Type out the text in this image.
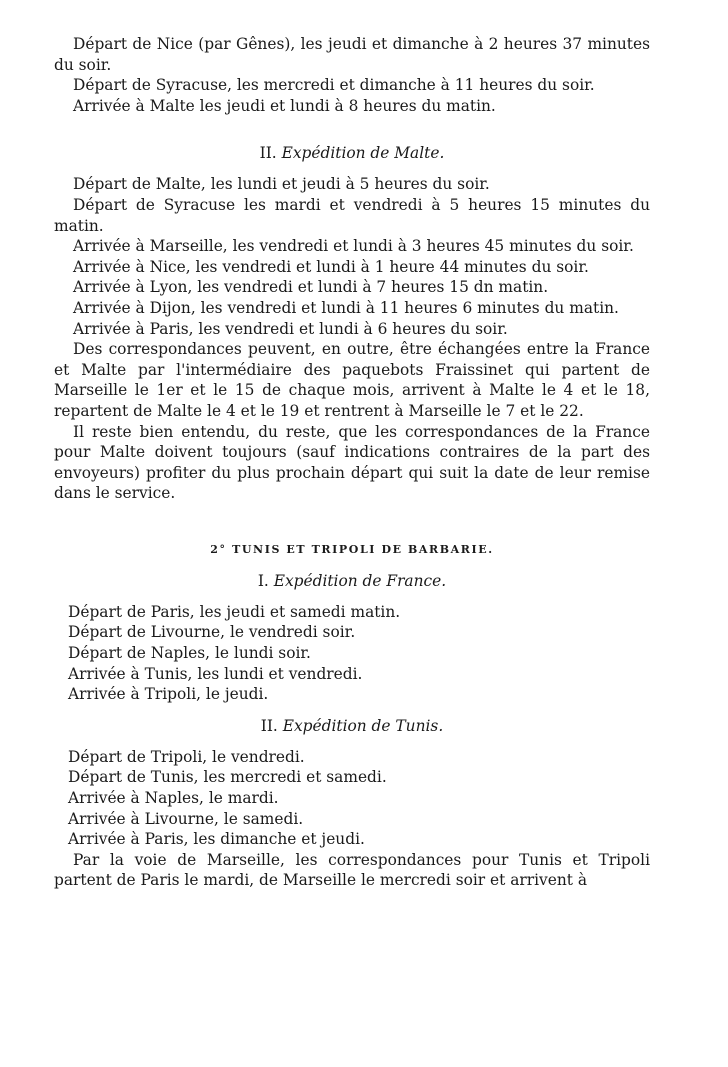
Départ de Nice (par Gênes), les jeudi et dimanche à 2 heures 37 minutes du soir.

Départ de Syracuse, les mercredi et dimanche à 11 heures du soir.

Arrivée à Malte les jeudi et lundi à 8 heures du matin.

II. Expédition de Malte.

Départ de Malte, les lundi et jeudi à 5 heures du soir.

Départ de Syracuse les mardi et vendredi à 5 heures 15 minutes du matin.

Arrivée à Marseille, les vendredi et lundi à 3 heures 45 minutes du soir.

Arrivée à Nice, les vendredi et lundi à 1 heure 44 minutes du soir.

Arrivée à Lyon, les vendredi et lundi à 7 heures 15 dn matin.

Arrivée à Dijon, les vendredi et lundi à 11 heures 6 minutes du matin.

Arrivée à Paris, les vendredi et lundi à 6 heures du soir.

Des correspondances peuvent, en outre, être échangées entre la France et Malte par l'intermédiaire des paquebots Fraissinet qui partent de Marseille le 1er et le 15 de chaque mois, arrivent à Malte le 4 et le 18, repartent de Malte le 4 et le 19 et rentrent à Marseille le 7 et le 22.

Il reste bien entendu, du reste, que les correspondances de la France pour Malte doivent toujours (sauf indications contraires de la part des envoyeurs) profiter du plus prochain départ qui suit la date de leur remise dans le service.

2° TUNIS ET TRIPOLI DE BARBARIE.
I. Expédition de France.

Départ de Paris, les jeudi et samedi matin.

Départ de Livourne, le vendredi soir.

Départ de Naples, le lundi soir.

Arrivée à Tunis, les lundi et vendredi.

Arrivée à Tripoli, le jeudi.

II. Expédition de Tunis.

Départ de Tripoli, le vendredi.

Départ de Tunis, les mercredi et samedi.

Arrivée à Naples, le mardi.

Arrivée à Livourne, le samedi.

Arrivée à Paris, les dimanche et jeudi.

Par la voie de Marseille, les correspondances pour Tunis et Tripoli partent de Paris le mardi, de Marseille le mercredi soir et arrivent à
